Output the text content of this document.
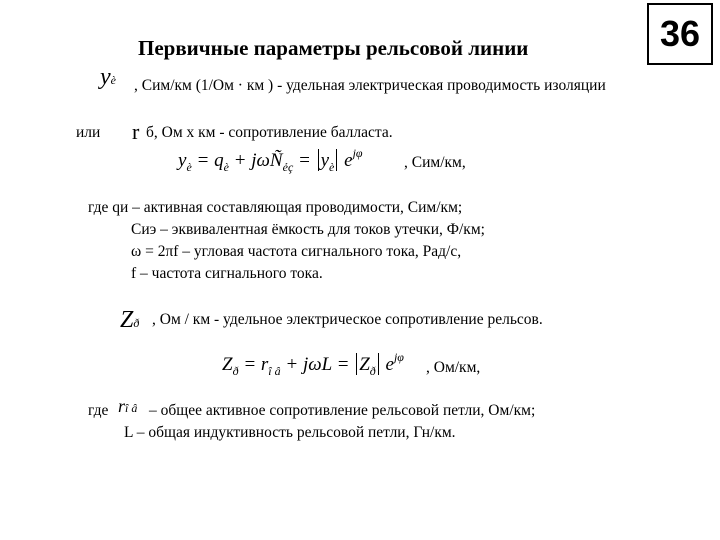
Первичные параметры рельсовой линии	36
yè , Сим/км (1/Ом · км ) - удельная электрическая проводимость изоляции
или r б, Ом х км - сопротивление балласта.
$y_è = q_è$ + jωÑ$_{ẻç}$ = $y_è$ $e^{j\varphi}$
, Сим/км,
где qи – активная составляющая проводимости, Сим/км;
Сиэ – эквивалентная ёмкость для токов утечки, Ф/км;
ω = 2πf – угловая частота сигнального тока, Рад/с,
f – частота сигнального тока.
Zð , Ом / км - удельное электрическое сопротивление рельсов.
$Z_ð = r_{î â} + j\omega L = Z_ð$ $e^{j\varphi}$
, Ом/км,
где rî â – общее активное сопротивление рельсовой петли, Ом/км;
L – общая индуктивность рельсовой петли, Гн/км.
